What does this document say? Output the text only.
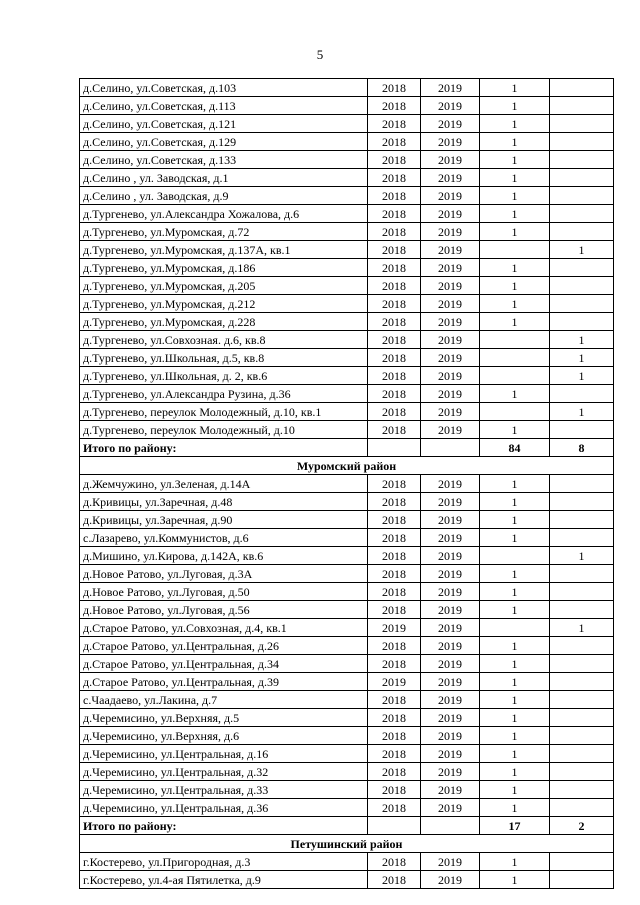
5
д.Селино, ул.Советская, д.103	2018	2019	1	
д.Селино, ул.Советская, д.113	2018	2019	1	
д.Селино, ул.Советская, д.121	2018	2019	1	
д.Селино, ул.Советская, д.129	2018	2019	1	
д.Селино, ул.Советская, д.133	2018	2019	1	
д.Селино , ул. Заводская, д.1	2018	2019	1	
д.Селино , ул. Заводская, д.9	2018	2019	1	
д.Тургенево, ул.Александра Хожалова, д.6	2018	2019	1	
д.Тургенево, ул.Муромская, д.72	2018	2019	1	
д.Тургенево, ул.Муромская, д.137А, кв.1	2018	2019		1
д.Тургенево, ул.Муромская, д.186	2018	2019	1	
д.Тургенево, ул.Муромская, д.205	2018	2019	1	
д.Тургенево, ул.Муромская, д.212	2018	2019	1	
д.Тургенево, ул.Муромская, д.228	2018	2019	1	
д.Тургенево, ул.Совхозная. д.6, кв.8	2018	2019		1
д.Тургенево, ул.Школьная, д.5, кв.8	2018	2019		1
д.Тургенево, ул.Школьная, д. 2, кв.6	2018	2019		1
д.Тургенево, ул.Александра Рузина, д.36	2018	2019	1	
д.Тургенево, переулок Молодежный, д.10, кв.1	2018	2019		1
д.Тургенево, переулок Молодежный, д.10	2018	2019	1	
Итого по району:			84	8
Муромский район				
д.Жемчужино, ул.Зеленая, д.14А	2018	2019	1	
д.Кривицы, ул.Заречная, д.48	2018	2019	1	
д.Кривицы, ул.Заречная, д.90	2018	2019	1	
с.Лазарево, ул.Коммунистов, д.6	2018	2019	1	
д.Мишино, ул.Кирова, д.142А, кв.6	2018	2019		1
д.Новое Ратово, ул.Луговая, д.3А	2018	2019	1	
д.Новое Ратово, ул.Луговая, д.50	2018	2019	1	
д.Новое Ратово, ул.Луговая, д.56	2018	2019	1	
д.Старое Ратово, ул.Совхозная, д.4, кв.1	2019	2019		1
д.Старое Ратово, ул.Центральная, д.26	2018	2019	1	
д.Старое Ратово, ул.Центральная, д.34	2018	2019	1	
д.Старое Ратово, ул.Центральная, д.39	2019	2019	1	
с.Чаадаево, ул.Лакина, д.7	2018	2019	1	
д.Черемисино, ул.Верхняя, д.5	2018	2019	1	
д.Черемисино, ул.Верхняя, д.6	2018	2019	1	
д.Черемисино, ул.Центральная, д.16	2018	2019	1	
д.Черемисино, ул.Центральная, д.32	2018	2019	1	
д.Черемисино, ул.Центральная, д.33	2018	2019	1	
д.Черемисино, ул.Центральная, д.36	2018	2019	1	
Итого по району:			17	2
Петушинский район				
г.Костерево, ул.Пригородная, д.3	2018	2019	1	
г.Костерево, ул.4-ая Пятилетка, д.9	2018	2019	1	
